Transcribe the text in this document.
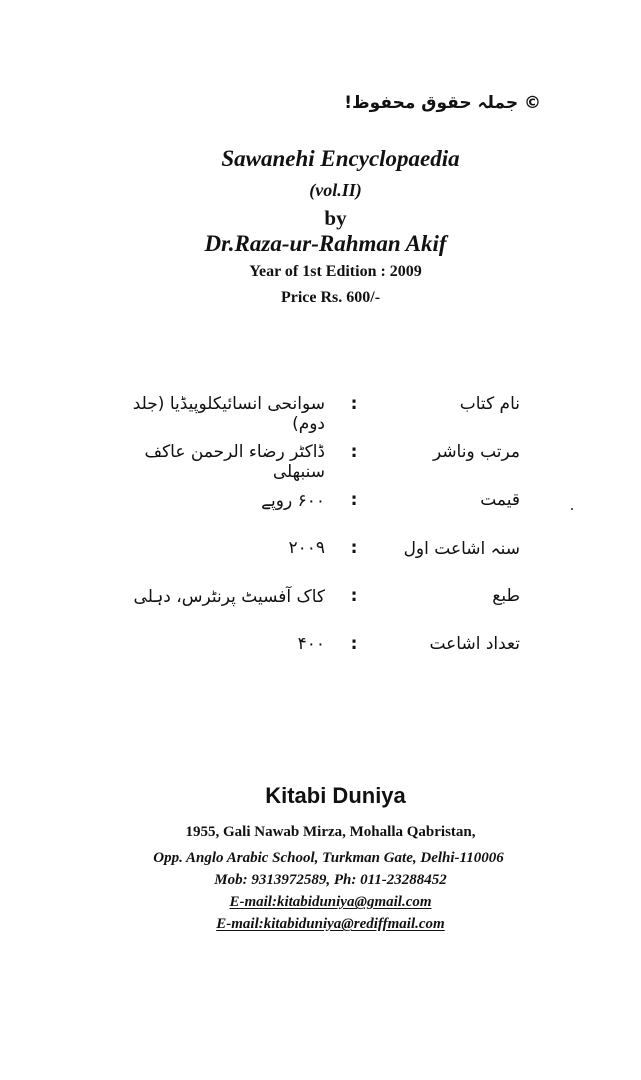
© جملہ حقوق محفوظ!
Sawanehi Encyclopaedia
(vol.II)
by
Dr.Raza-ur-Rahman Akif
Year of 1st Edition : 2009
Price Rs. 600/-
نام کتاب
:
سوانحی انسائیکلوپیڈیا (جلد دوم)
مرتب وناشر
:
ڈاکٹر رضاء الرحمن عاکف سنبھلی
قیمت
:
۶۰۰ روپے
سنہ اشاعت اول
:
۲۰۰۹
طبع
:
کاک آفسیٹ پرنٹرس، دہلی
تعداد اشاعت
:
۴۰۰
Kitabi Duniya
1955, Gali Nawab Mirza, Mohalla Qabristan,
Opp. Anglo Arabic School, Turkman Gate, Delhi-110006
Mob: 9313972589, Ph: 011-23288452
E-mail:kitabiduniya@gmail.com
E-mail:kitabiduniya@rediffmail.com
